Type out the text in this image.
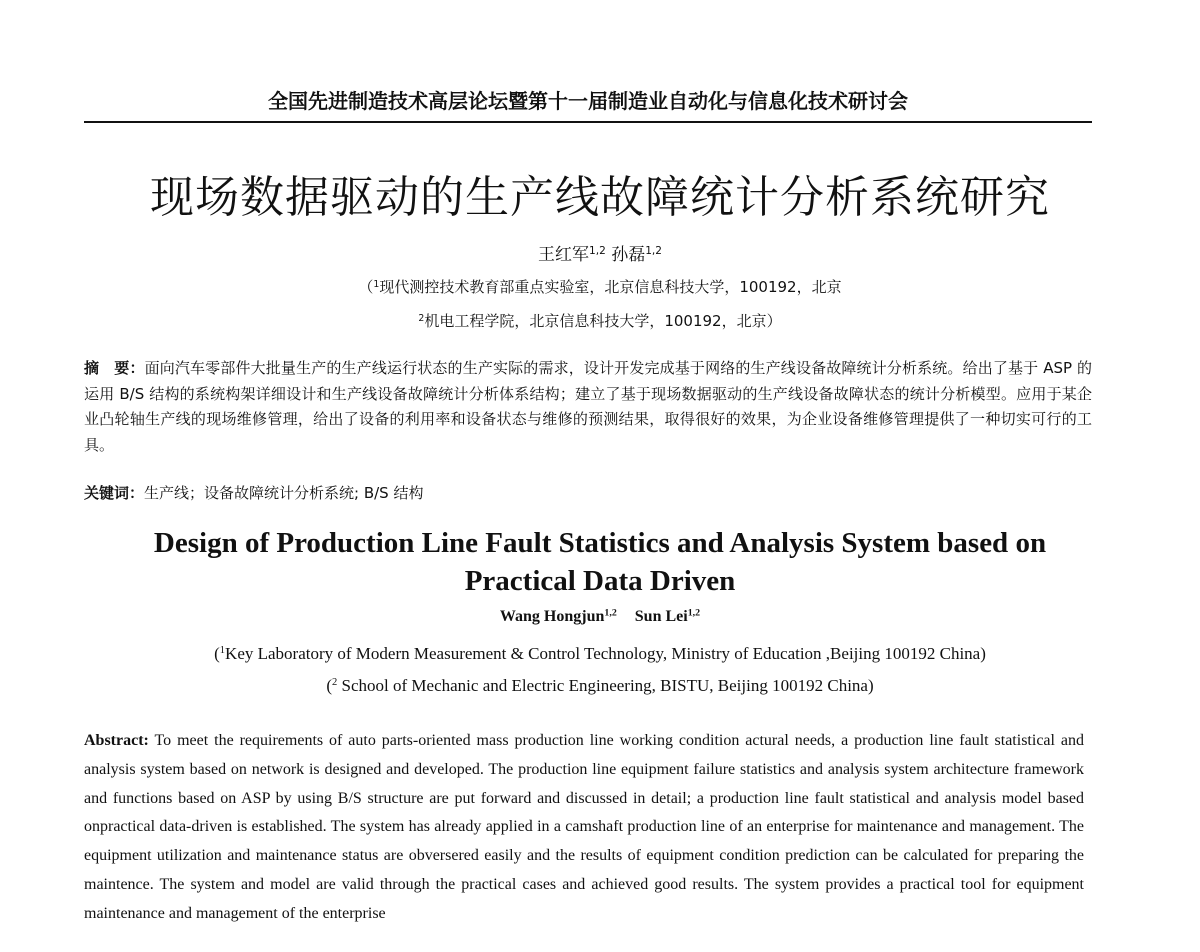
全国先进制造技术高层论坛暨第十一届制造业自动化与信息化技术研讨会
现场数据驱动的生产线故障统计分析系统研究
王红军$^{1,2}$ 孙磊$^{1,2}$
（$^1$现代测控技术教育部重点实验室，北京信息科技大学，100192，北京
$^2$机电工程学院，北京信息科技大学，100192，北京）
摘　要：面向汽车零部件大批量生产的生产线运行状态的生产实际的需求，设计开发完成基于网络的生产线设备故障统计分析系统。给出了基于 ASP 的运用 B/S 结构的系统构架详细设计和生产线设备故障统计分析体系结构；建立了基于现场数据驱动的生产线设备故障状态的统计分析模型。应用于某企业凸轮轴生产线的现场维修管理，给出了设备的利用率和设备状态与维修的预测结果，取得很好的效果，为企业设备维修管理提供了一种切实可行的工具。
关键词：生产线；设备故障统计分析系统; B/S 结构
Design of Production Line Fault Statistics and Analysis System based on
Practical Data Driven
Wang Hongjun$^{1,2}$ Sun Lei$^{1,2}$
($^1$Key Laboratory of Modern Measurement & Control Technology, Ministry of Education ,Beijing 100192 China)
($^2$ School of Mechanic and Electric Engineering, BISTU, Beijing 100192 China)
Abstract: To meet the requirements of auto parts-oriented mass production line working condition actural needs, a production line fault statistical and analysis system based on network is designed and developed. The production line equipment failure statistics and analysis system architecture framework and functions based on ASP by using B/S structure are put forward and discussed in detail; a production line fault statistical and analysis model based onpractical data-driven is established. The system has already applied in a camshaft production line of an enterprise for maintenance and management. The equipment utilization and maintenance status are obversered easily and the results of equipment condition prediction can be calculated for preparing the maintence. The system and model are valid through the practical cases and achieved good results. The system provides a practical tool for equipment maintenance and management of the enterprise
